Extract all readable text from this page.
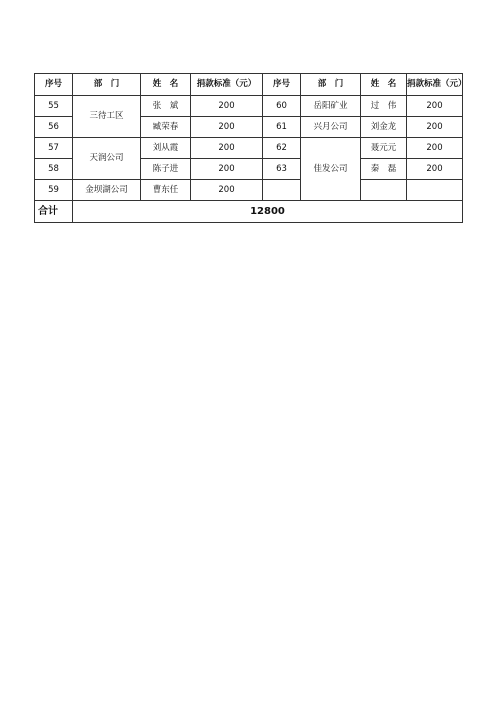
序号	部　门	姓　名	捐款标准（元）	序号	部　门	姓　名	捐款标准（元）
55	三待工区	张　斌	200	60	岳阳矿业	过　伟	200
56		臧荣春	200	61	兴月公司	刘金龙	200
57	天润公司	刘从霞	200	62	佳发公司	聂元元	200
58		陈子进	200	63		秦　磊	200
59	金坝湖公司	曹东任	200				
合计	12800						
